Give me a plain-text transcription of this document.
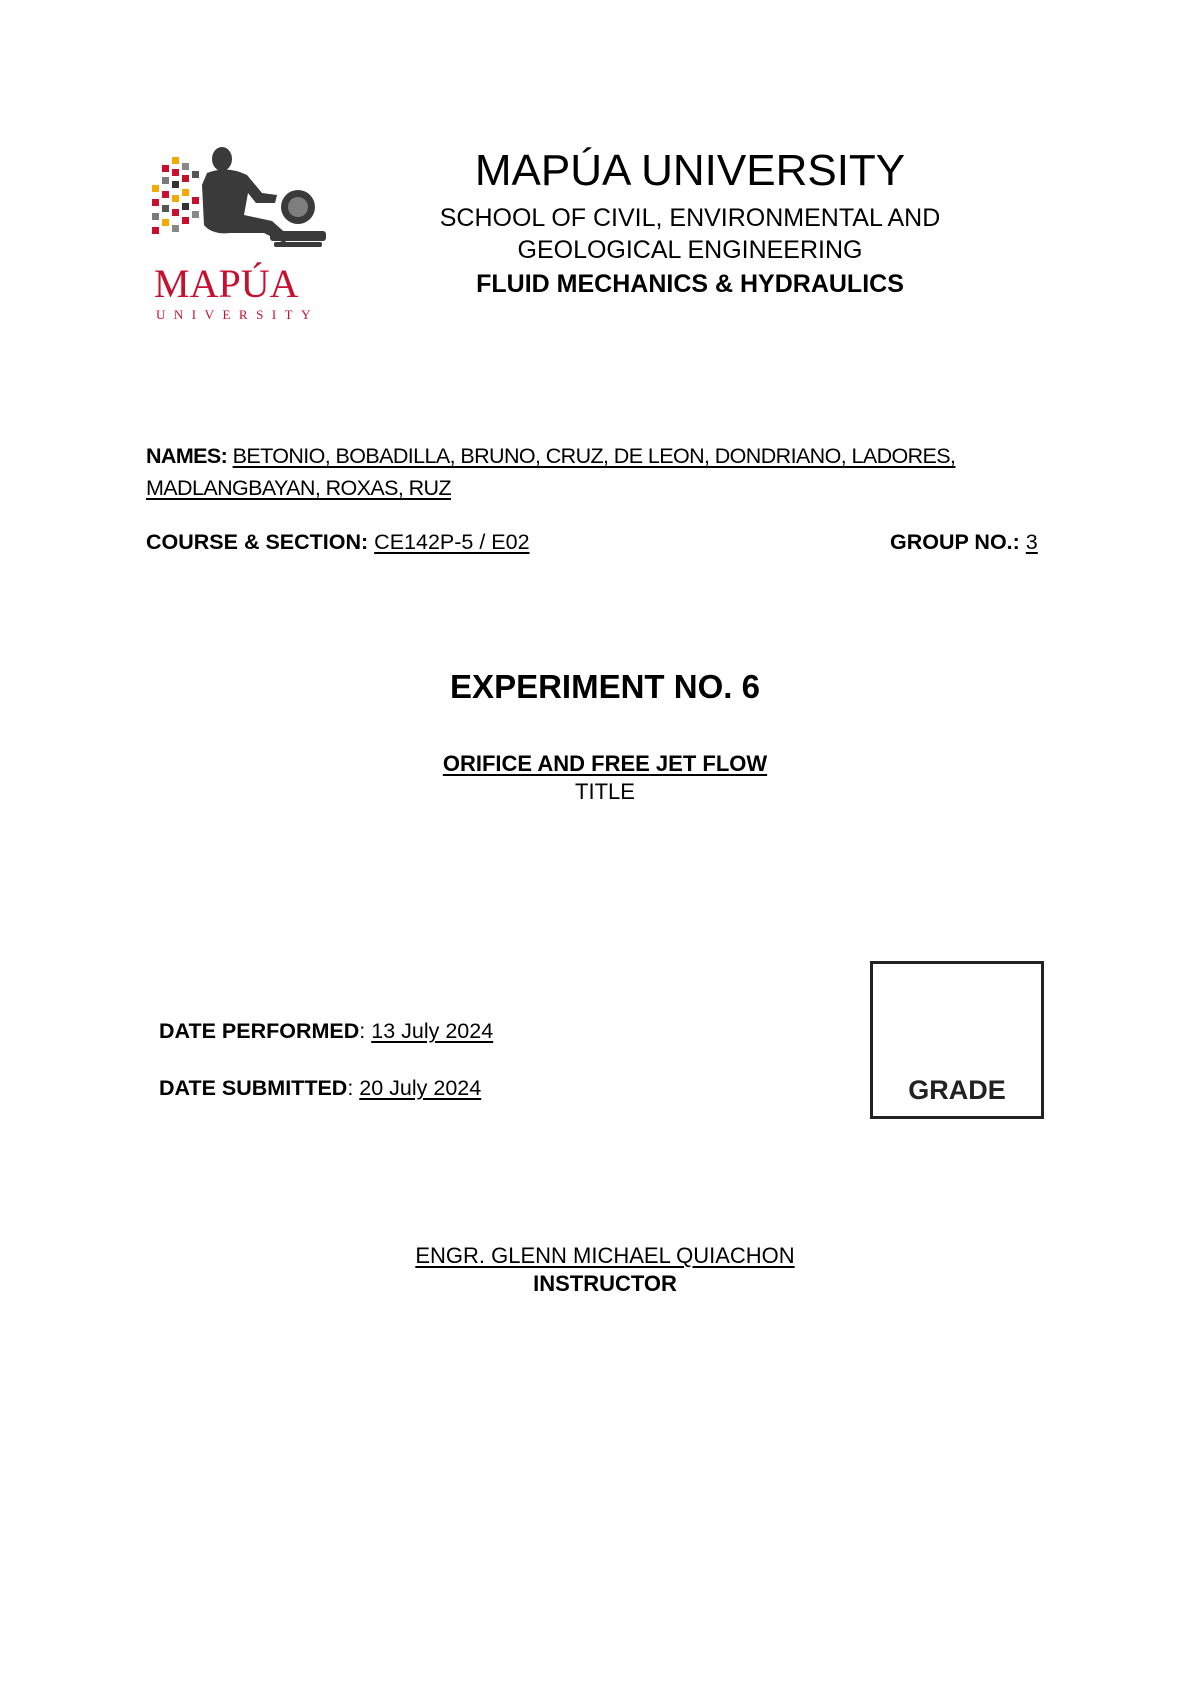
MAPÚA
UNIVERSITY
MAPÚA UNIVERSITY
SCHOOL OF CIVIL, ENVIRONMENTAL AND
GEOLOGICAL ENGINEERING
FLUID MECHANICS & HYDRAULICS
NAMES: BETONIO, BOBADILLA, BRUNO, CRUZ, DE LEON, DONDRIANO, LADORES,
MADLANGBAYAN, ROXAS, RUZ
COURSE & SECTION: CE142P-5 / E02	GROUP NO.: 3
EXPERIMENT NO. 6
ORIFICE AND FREE JET FLOW
TITLE
DATE PERFORMED: 13 July 2024
DATE SUBMITTED: 20 July 2024	GRADE
ENGR. GLENN MICHAEL QUIACHON
INSTRUCTOR
